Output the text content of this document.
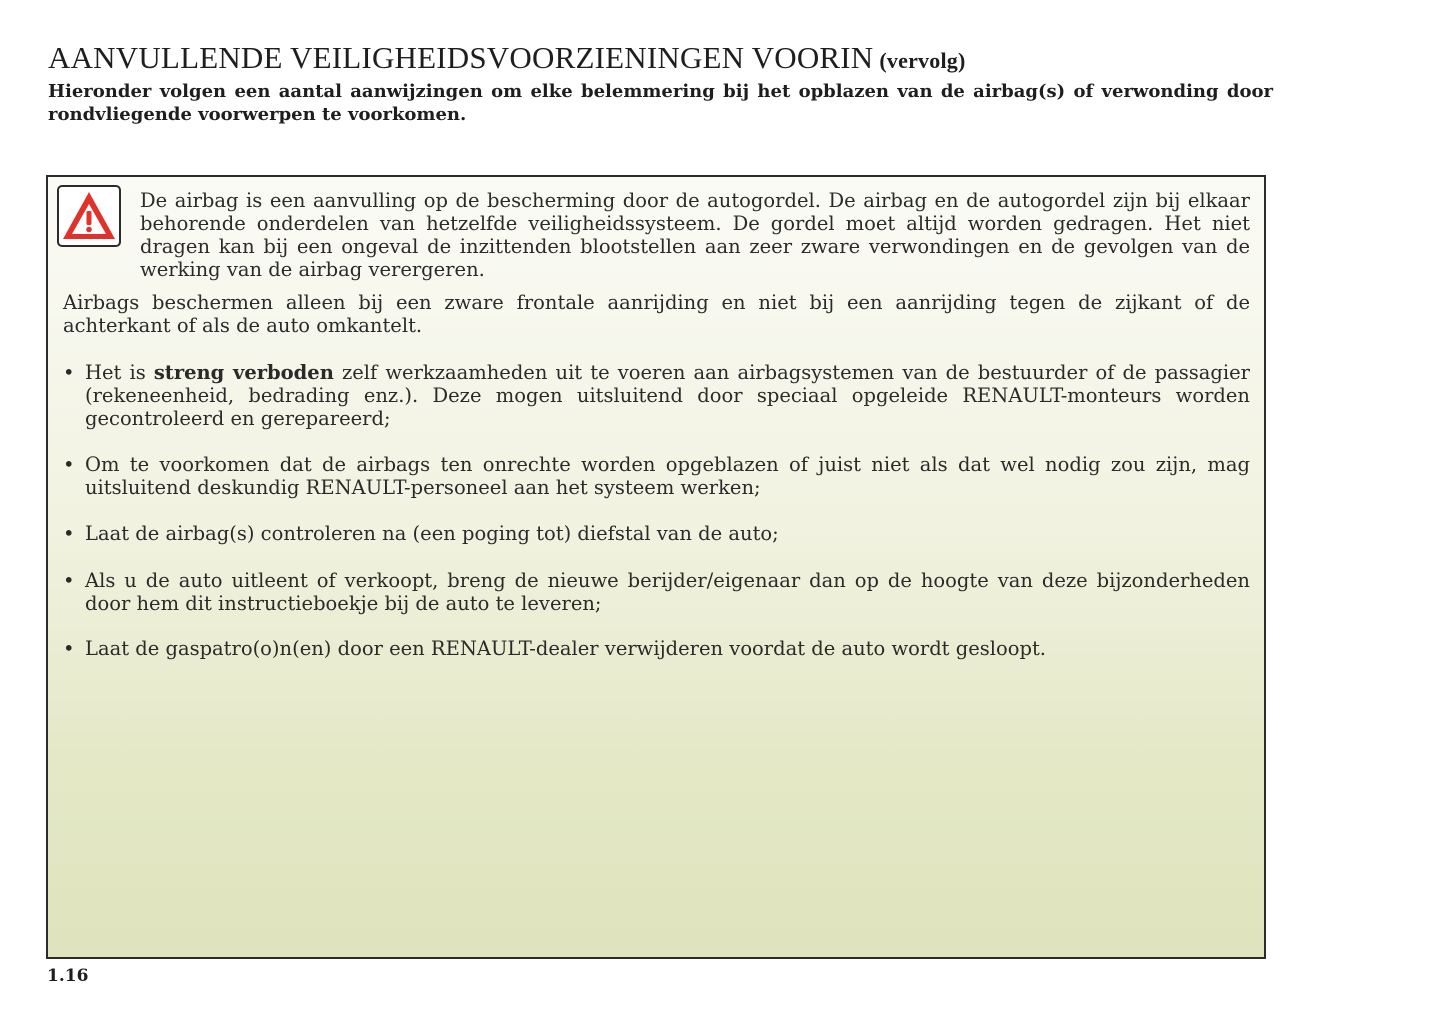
AANVULLENDE VEILIGHEIDSVOORZIENINGEN VOORIN (vervolg)

Hieronder volgen een aantal aanwijzingen om elke belemmering bij het opblazen van de airbag(s) of verwonding door rondvliegende voorwerpen te voorkomen.

De airbag is een aanvulling op de bescherming door de autogordel. De airbag en de autogordel zijn bij elkaar behorende onderdelen van hetzelfde veiligheidssysteem. De gordel moet altijd worden gedragen. Het niet dragen kan bij een ongeval de inzittenden blootstellen aan zeer zware verwondingen en de gevolgen van de werking van de airbag verergeren.

Airbags beschermen alleen bij een zware frontale aanrijding en niet bij een aanrijding tegen de zijkant of de achterkant of als de auto omkantelt.

• Het is streng verboden zelf werkzaamheden uit te voeren aan airbagsystemen van de bestuurder of de passagier (rekeneenheid, bedrading enz.). Deze mogen uitsluitend door speciaal opgeleide RENAULT-monteurs worden gecontroleerd en gerepareerd;
• Om te voorkomen dat de airbags ten onrechte worden opgeblazen of juist niet als dat wel nodig zou zijn, mag uitsluitend deskundig RENAULT-personeel aan het systeem werken;
• Laat de airbag(s) controleren na (een poging tot) diefstal van de auto;
• Als u de auto uitleent of verkoopt, breng de nieuwe berijder/eigenaar dan op de hoogte van deze bijzonderheden door hem dit instructieboekje bij de auto te leveren;
• Laat de gaspatro(o)n(en) door een RENAULT-dealer verwijderen voordat de auto wordt gesloopt.
1.16
